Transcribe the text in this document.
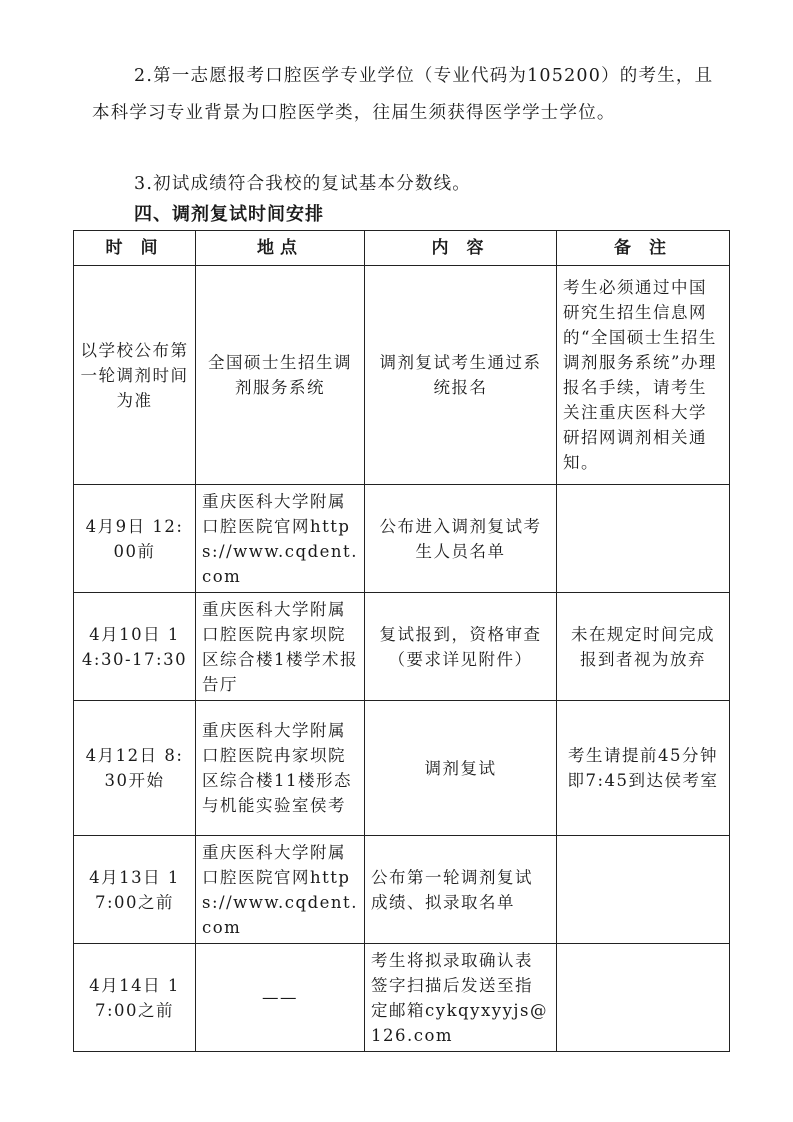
2.第一志愿报考口腔医学专业学位（专业代码为105200）的考生，且本科学习专业背景为口腔医学类，往届生须获得医学学士学位。

3.初试成绩符合我校的复试基本分数线。

四、调剂复试时间安排
时 间	地点	内 容	备 注
以学校公布第一轮调剂时间为准	全国硕士生招生调剂服务系统	调剂复试考生通过系统报名	考生必须通过中国研究生招生信息网的“全国硕士生招生调剂服务系统”办理报名手续，请考生关注重庆医科大学研招网调剂相关通知。
4月9日 12:00前	重庆医科大学附属口腔医院官网https://www.cqdent.com	公布进入调剂复试考生人员名单	
4月10日 14:30-17:30	重庆医科大学附属口腔医院冉家坝院区综合楼1楼学术报告厅	复试报到，资格审查（要求详见附件）	未在规定时间完成报到者视为放弃
4月12日 8:30开始	重庆医科大学附属口腔医院冉家坝院区综合楼11楼形态与机能实验室侯考	调剂复试	考生请提前45分钟即7:45到达侯考室
4月13日 17:00之前	重庆医科大学附属口腔医院官网https://www.cqdent.com	公布第一轮调剂复试成绩、拟录取名单	
4月14日 17:00之前	——	考生将拟录取确认表签字扫描后发送至指定邮箱cykqyxyyjs@126.com	
